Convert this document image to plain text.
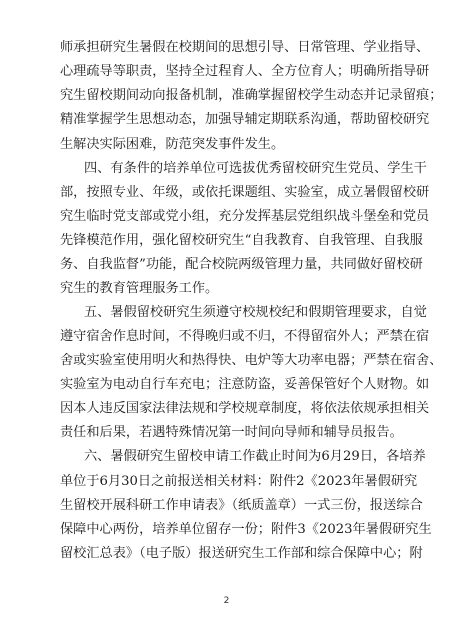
师承担研究生暑假在校期间的思想引导、日常管理、学业指导、
心理疏导等职责，坚持全过程育人、全方位育人；明确所指导研
究生留校期间动向报备机制，准确掌握留校学生动态并记录留痕；
精准掌握学生思想动态，加强导辅定期联系沟通，帮助留校研究
生解决实际困难，防范突发事件发生。
四、有条件的培养单位可选拔优秀留校研究生党员、学生干
部，按照专业、年级，或依托课题组、实验室，成立暑假留校研
究生临时党支部或党小组，充分发挥基层党组织战斗堡垒和党员
先锋模范作用，强化留校研究生“自我教育、自我管理、自我服
务、自我监督”功能，配合校院两级管理力量，共同做好留校研
究生的教育管理服务工作。
五、暑假留校研究生须遵守校规校纪和假期管理要求，自觉
遵守宿舍作息时间，不得晚归或不归，不得留宿外人；严禁在宿
舍或实验室使用明火和热得快、电炉等大功率电器；严禁在宿舍、
实验室为电动自行车充电；注意防盗，妥善保管好个人财物。如
因本人违反国家法律法规和学校规章制度，将依法依规承担相关
责任和后果，若遇特殊情况第一时间向导师和辅导员报告。
六、暑假研究生留校申请工作截止时间为6月29日，各培养
单位于6月30日之前报送相关材料：附件2《2023年暑假研究
生留校开展科研工作申请表》（纸质盖章）一式三份，报送综合
保障中心两份，培养单位留存一份；附件3《2023年暑假研究生
留校汇总表》（电子版）报送研究生工作部和综合保障中心；附
2
